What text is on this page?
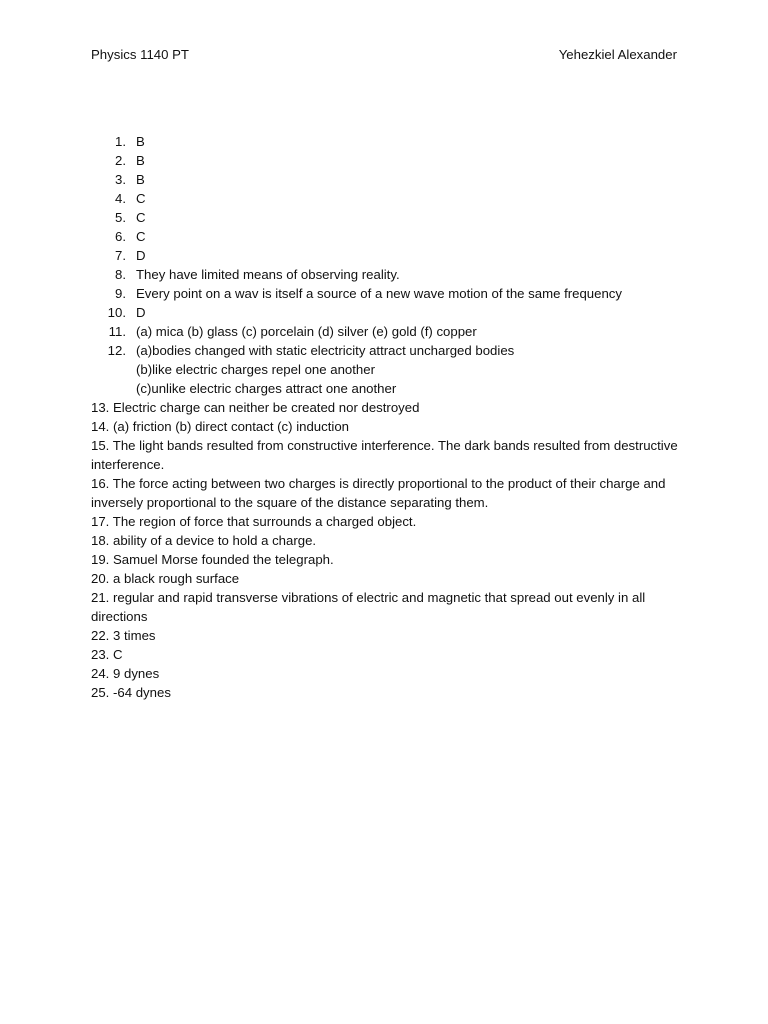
Physics 1140 PT	Yehezkiel Alexander
1. B
2. B
3. B
4. C
5. C
6. C
7. D
8. They have limited means of observing reality.
9. Every point on a wav is itself a source of a new wave motion of the same frequency
10. D
11. (a) mica (b) glass (c) porcelain (d) silver (e) gold (f) copper
12. (a)bodies changed with static electricity attract uncharged bodies
(b)like electric charges repel one another
(c)unlike electric charges attract one another
13. Electric charge can neither be created nor destroyed
14. (a) friction (b) direct contact (c) induction
15. The light bands resulted from constructive interference. The dark bands resulted from destructive interference.
16. The force acting between two charges is directly proportional to the product of their charge and inversely proportional to the square of the distance separating them.
17. The region of force that surrounds a charged object.
18. ability of a device to hold a charge.
19. Samuel Morse founded the telegraph.
20. a black rough surface
21. regular and rapid transverse vibrations of electric and magnetic that spread out evenly in all directions
22. 3 times
23. C
24. 9 dynes
25. -64 dynes
